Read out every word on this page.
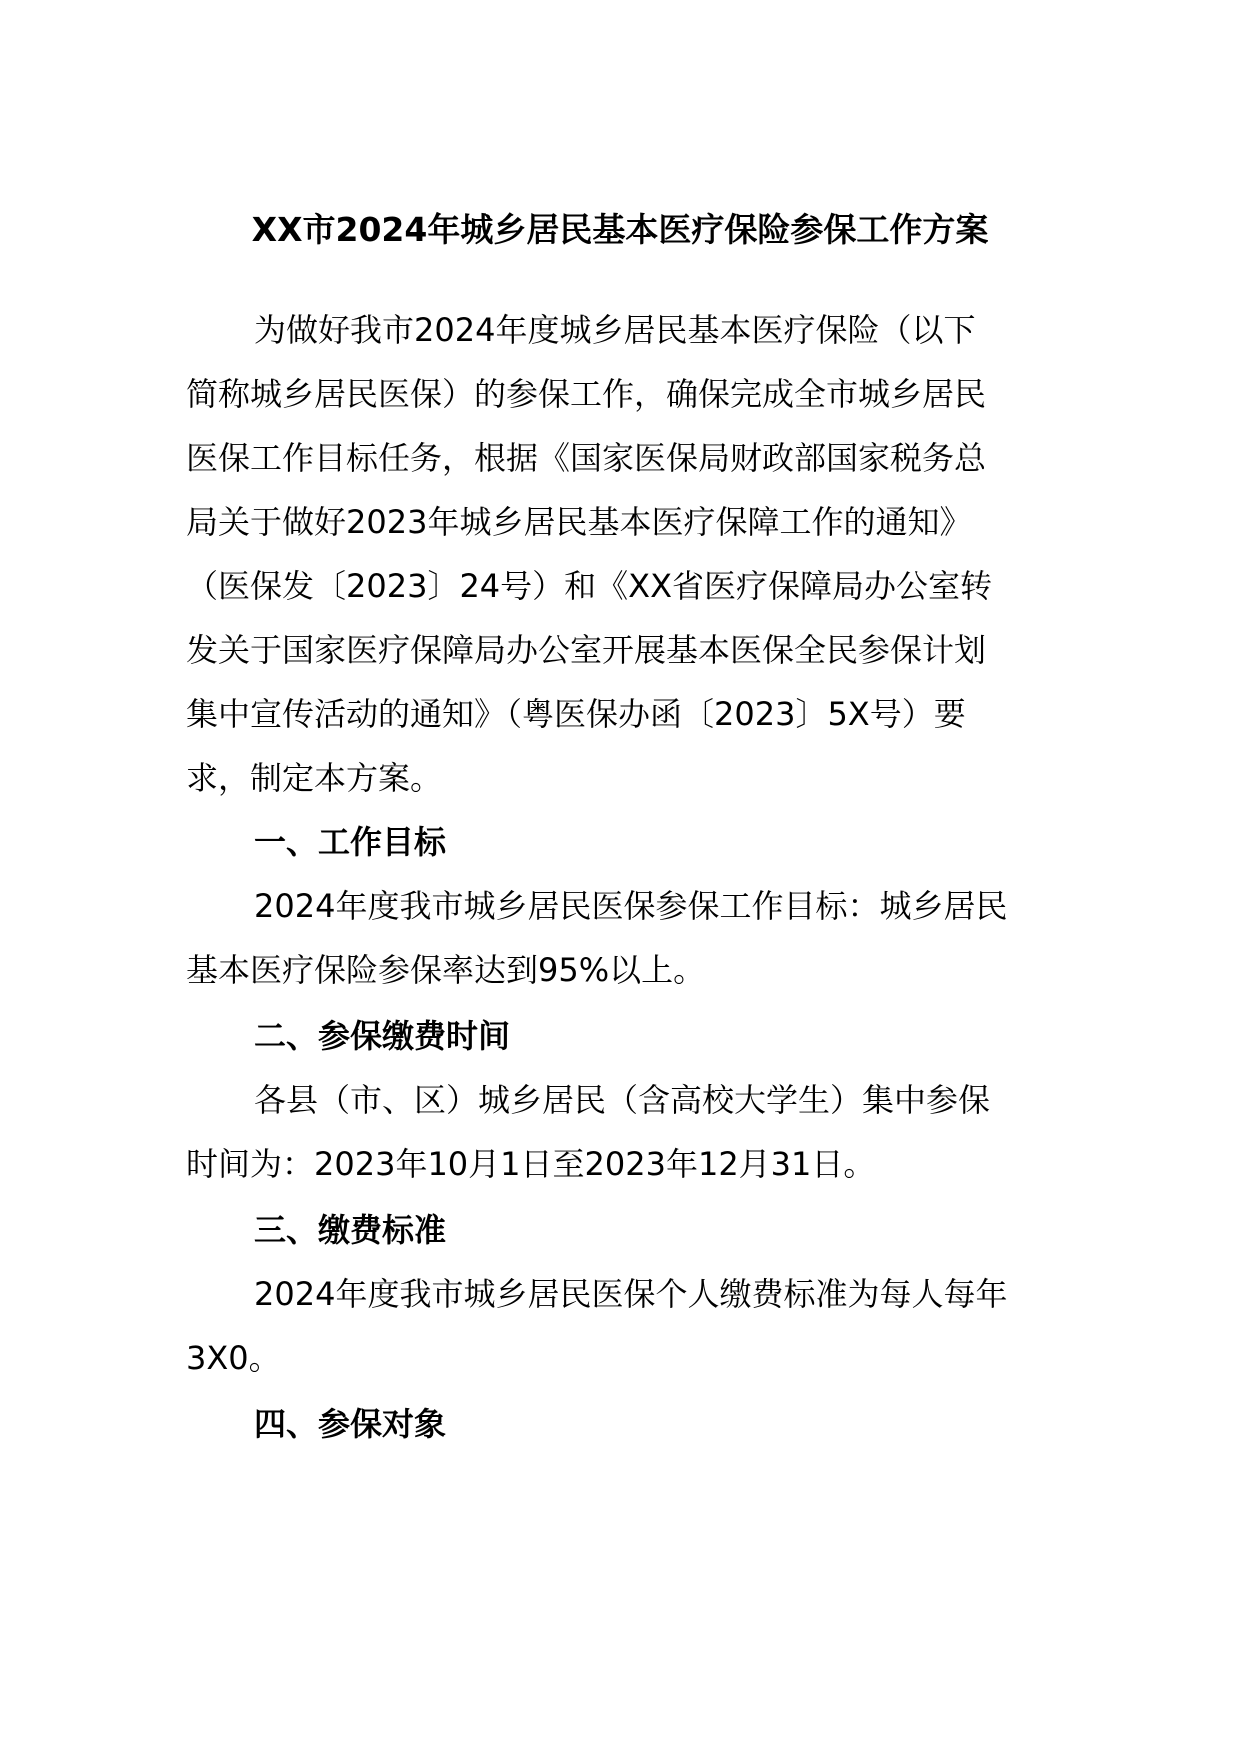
XX市2024年城乡居民基本医疗保险参保工作方案
为做好我市2024年度城乡居民基本医疗保险（以下
简称城乡居民医保）的参保工作，确保完成全市城乡居民
医保工作目标任务，根据《国家医保局财政部国家税务总
局关于做好2023年城乡居民基本医疗保障工作的通知》
（医保发〔2023〕24号）和《XX省医疗保障局办公室转
发关于国家医疗保障局办公室开展基本医保全民参保计划
集中宣传活动的通知》（粤医保办函〔2023〕5X号）要
求，制定本方案。
一、工作目标
2024年度我市城乡居民医保参保工作目标：城乡居民
基本医疗保险参保率达到95%以上。
二、参保缴费时间
各县（市、区）城乡居民（含高校大学生）集中参保
时间为：2023年10月1日至2023年12月31日。
三、缴费标准
2024年度我市城乡居民医保个人缴费标准为每人每年
3X0。
四、参保对象
